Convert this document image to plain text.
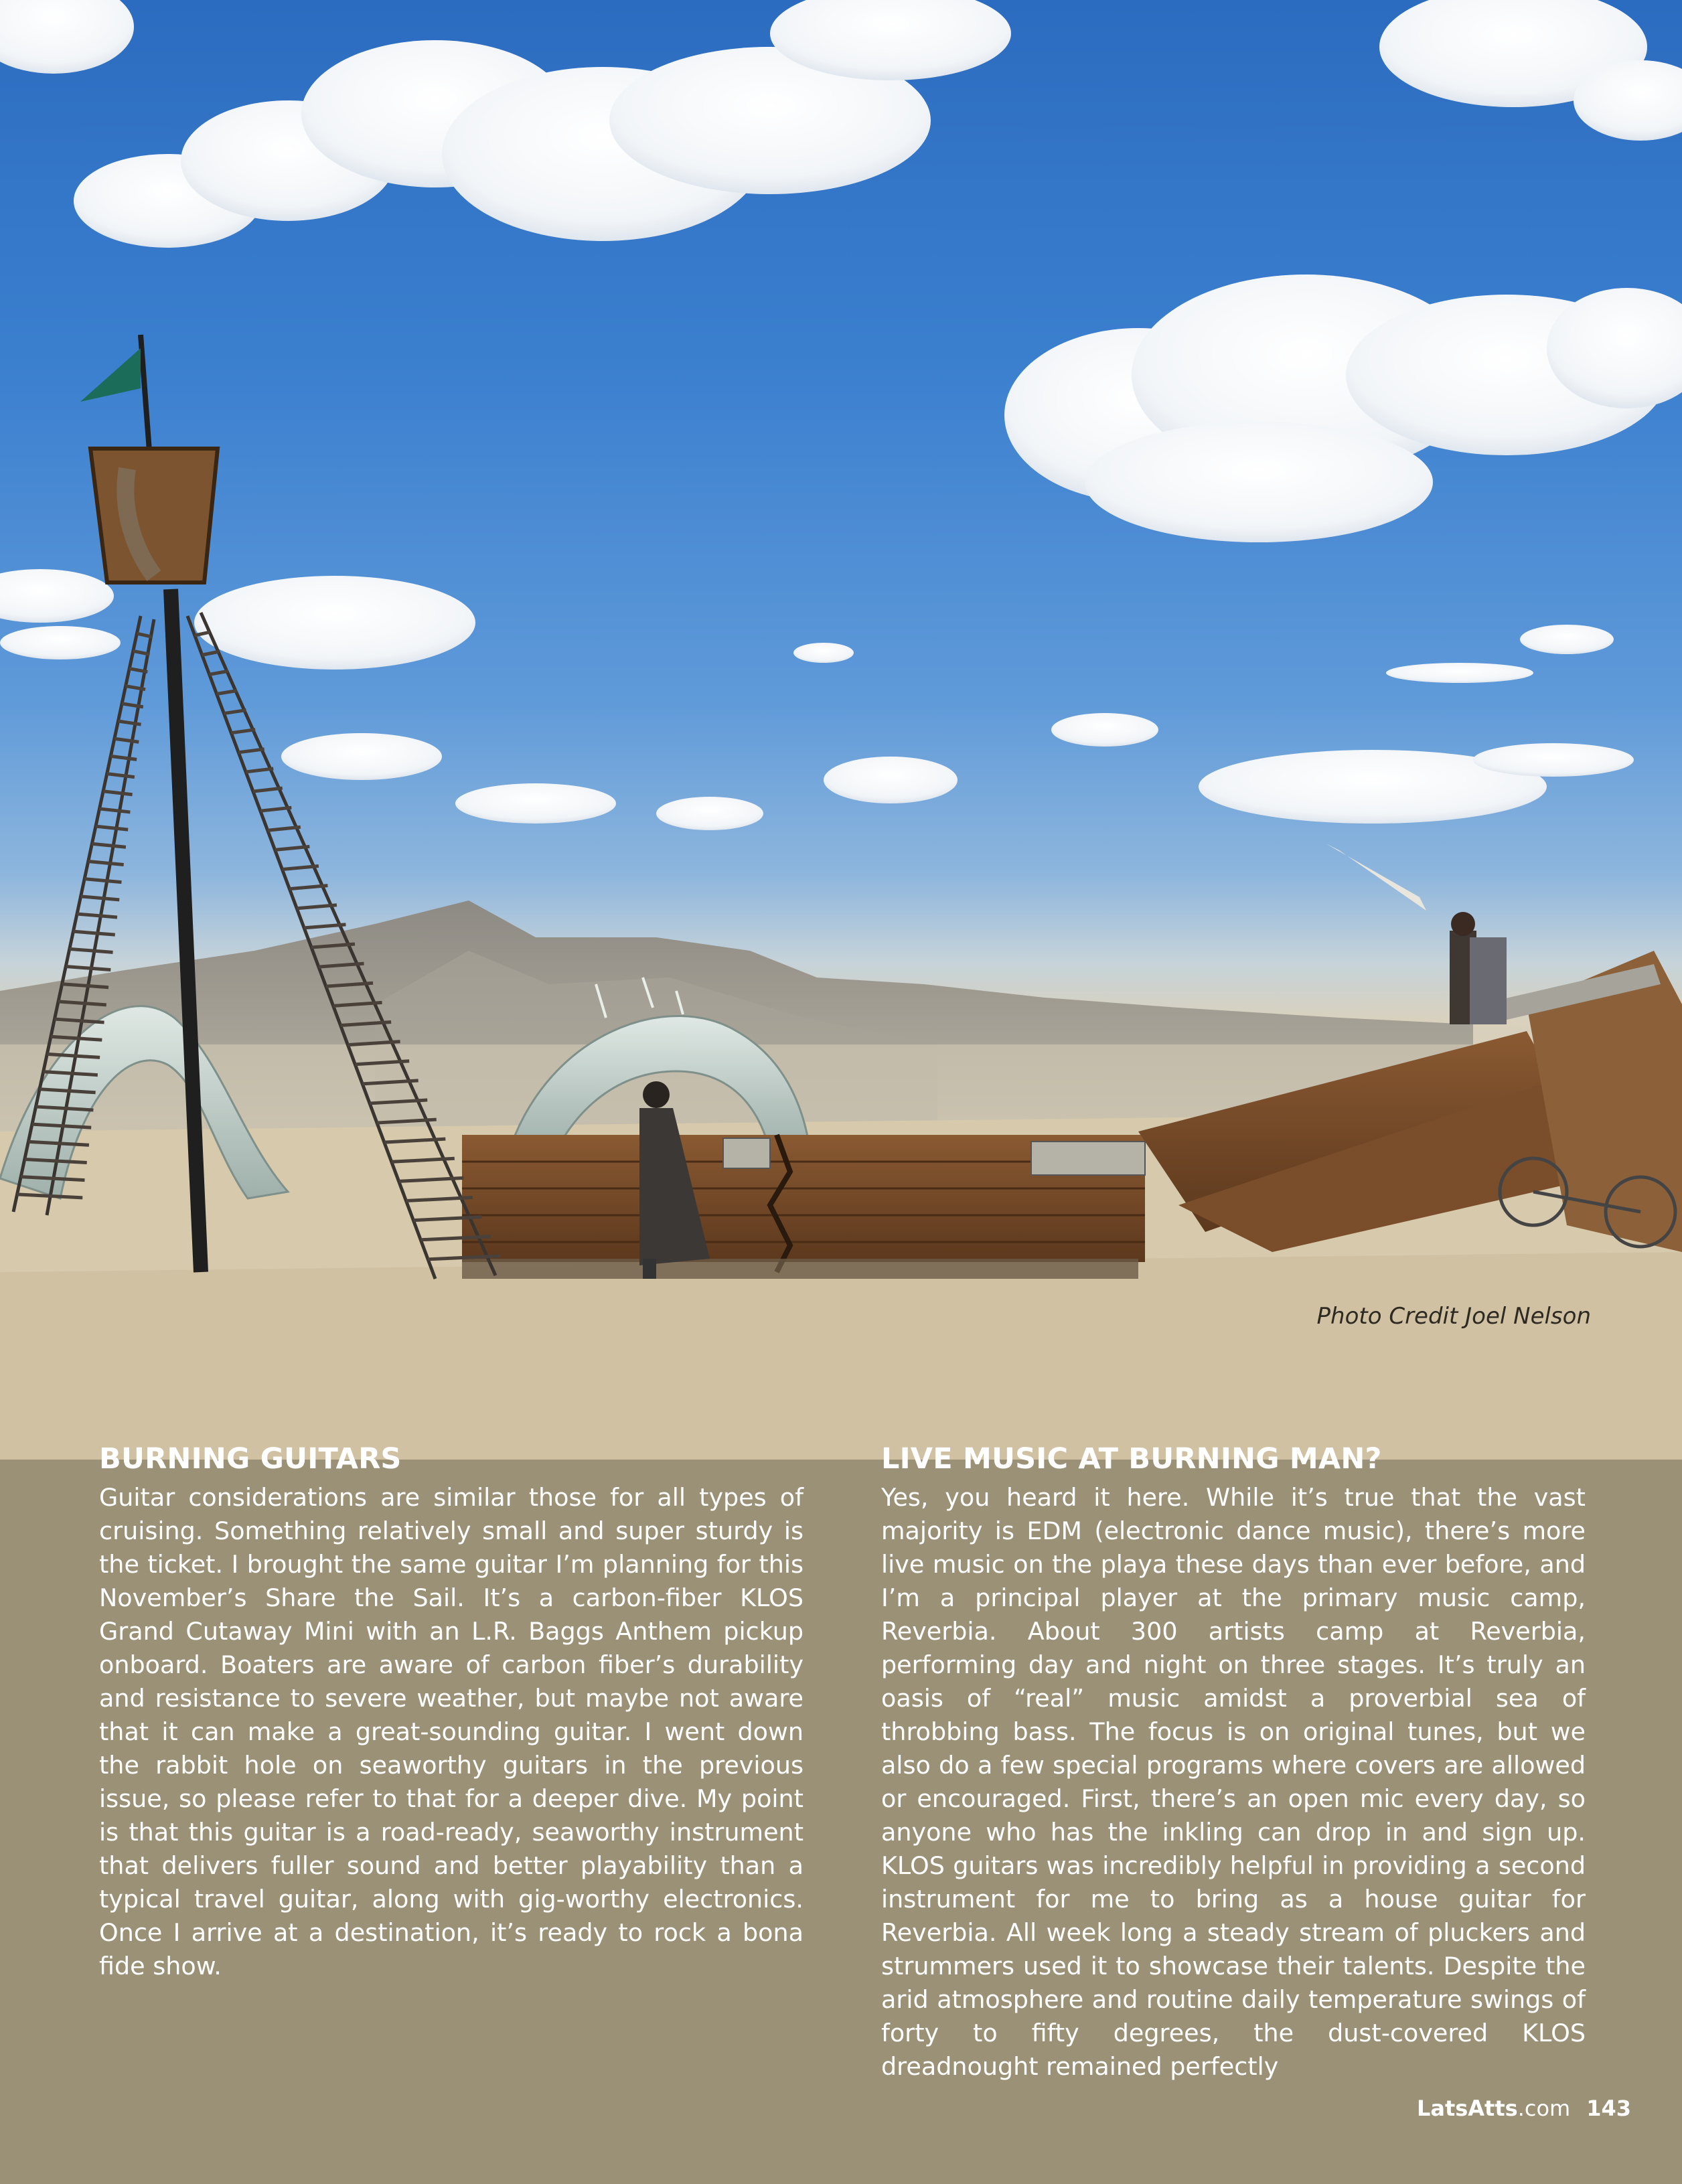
Photo Credit Joel Nelson
BURNING GUITARS

Guitar considerations are similar those for all types of cruising. Something relatively small and super sturdy is the ticket. I brought the same guitar I’m planning for this November’s Share the Sail. It’s a carbon-fiber KLOS Grand Cutaway Mini with an L.R. Baggs Anthem pickup onboard. Boaters are aware of carbon fiber’s durability and resistance to severe weather, but maybe not aware that it can make a great-sounding guitar. I went down the rabbit hole on seaworthy guitars in the previous issue, so please refer to that for a deeper dive. My point is that this guitar is a road-ready, seaworthy instrument that delivers fuller sound and better playability than a typical travel guitar, along with gig-worthy electronics. Once I arrive at a destination, it’s ready to rock a bona fide show.

LIVE MUSIC AT BURNING MAN?

Yes, you heard it here. While it’s true that the vast majority is EDM (electronic dance music), there’s more live music on the playa these days than ever before, and I’m a principal player at the primary music camp, Reverbia. About 300 artists camp at Reverbia, performing day and night on three stages. It’s truly an oasis of “real” music amidst a proverbial sea of throbbing bass. The focus is on original tunes, but we also do a few special programs where covers are allowed or encouraged. First, there’s an open mic every day, so anyone who has the inkling can drop in and sign up. KLOS guitars was incredibly helpful in providing a second instrument for me to bring as a house guitar for Reverbia. All week long a steady stream of pluckers and strummers used it to showcase their talents. Despite the arid atmosphere and routine daily temperature swings of forty to fifty degrees, the dust-covered KLOS dreadnought remained perfectly

LatsAtts.com 143
